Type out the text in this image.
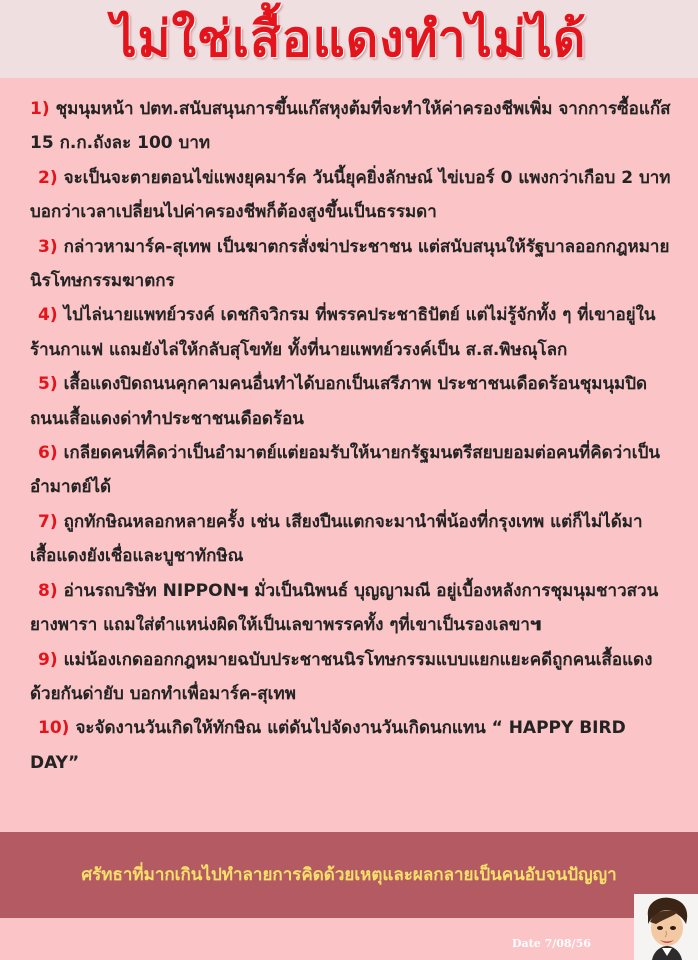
ไม่ใช่เสื้อแดงทำไม่ได้
1) ชุมนุมหน้า ปตท.สนับสนุนการขึ้นแก๊สหุงต้มที่จะทำให้ค่าครองชีพเพิ่ม จากการซื้อแก๊ส 15 ก.ก.ถังละ 100 บาท
2) จะเป็นจะตายตอนไข่แพงยุคมาร์ค วันนี้ยุคยิ่งลักษณ์ ไข่เบอร์ 0 แพงกว่าเกือบ 2 บาท บอกว่าเวลาเปลี่ยนไปค่าครองชีพก็ต้องสูงขึ้นเป็นธรรมดา
3) กล่าวหามาร์ค-สุเทพ เป็นฆาตกรสั่งฆ่าประชาชน แต่สนับสนุนให้รัฐบาลออกกฎหมายนิรโทษกรรมฆาตกร
4) ไปไล่นายแพทย์วรงค์ เดชกิจวิกรม ที่พรรคประชาธิปัตย์ แต่ไม่รู้จักทั้ง ๆ ที่เขาอยู่ในร้านกาแฟ แถมยังไล่ให้กลับสุโขทัย ทั้งที่นายแพทย์วรงค์เป็น ส.ส.พิษณุโลก
5) เสื้อแดงปิดถนนคุกคามคนอื่นทำได้บอกเป็นเสรีภาพ ประชาชนเดือดร้อนชุมนุมปิดถนนเสื้อแดงด่าทำประชาชนเดือดร้อน
6) เกลียดคนที่คิดว่าเป็นอำมาตย์แต่ยอมรับให้นายกรัฐมนตรีสยบยอมต่อคนที่คิดว่าเป็นอำมาตย์ได้
7) ถูกทักษิณหลอกหลายครั้ง เช่น เสียงปืนแตกจะมานำพี่น้องที่กรุงเทพ แต่ก็ไม่ได้มา เสื้อแดงยังเชื่อและบูชาทักษิณ
8) อ่านรถบริษัท NIPPON๚ มั่วเป็นนิพนธ์ บุญญามณี อยู่เบื้องหลังการชุมนุมชาวสวนยางพารา แถมใส่ตำแหน่งผิดให้เป็นเลขาพรรคทั้ง ๆที่เขาเป็นรองเลขา๚
9) แม่น้องเกดออกกฎหมายฉบับประชาชนนิรโทษกรรมแบบแยกแยะคดีถูกคนเสื้อแดงด้วยกันด่ายับ บอกทำเพื่อมาร์ค-สุเทพ
10) จะจัดงานวันเกิดให้ทักษิณ แต่ดันไปจัดงานวันเกิดนกแทน “ HAPPY BIRD DAY”
ศรัทธาที่มากเกินไปทำลายการคิดด้วยเหตุและผลกลายเป็นคนอับจนปัญญา
Date 7/08/56
